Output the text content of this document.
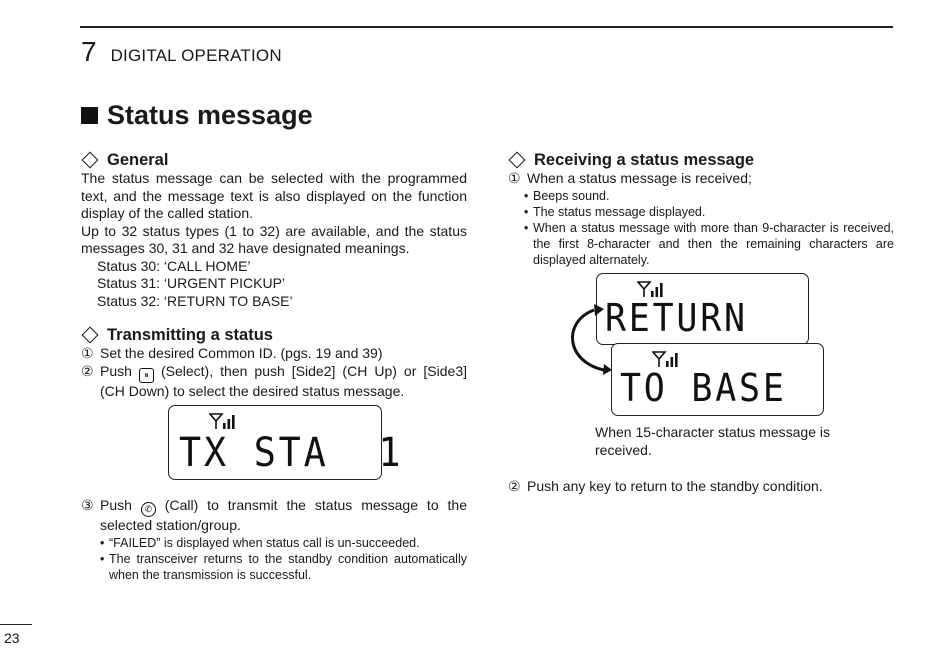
7 DIGITAL OPERATION
Status message
General

The status message can be selected with the programmed text, and the message text is also displayed on the function display of the called station.

Up to 32 status types (1 to 32) are available, and the status messages 30, 31 and 32 have designated meanings.

Status 30: ‘CALL HOME’
Status 31: ‘URGENT PICKUP’
Status 32: ‘RETURN TO BASE’
Transmitting a status
① Set the desired Common ID. (pgs. 19 and 39)
② Push ⏸ (Select), then push [Side2] (CH Up) or [Side3] (CH Down) to select the desired status message.
TX STA  1
③ Push ✆ (Call) to transmit the status message to the selected station/group.
• “FAILED” is displayed when status call is un-succeeded.
• The transceiver returns to the standby condition automatically when the transmission is successful.
Receiving a status message
① When a status message is received;
• Beeps sound.
• The status message displayed.
• When a status message with more than 9-character is received, the first 8-character and then the remaining characters are displayed alternately.
RETURN
TO BASE
When 15-character status message is received.
② Push any key to return to the standby condition.
23
